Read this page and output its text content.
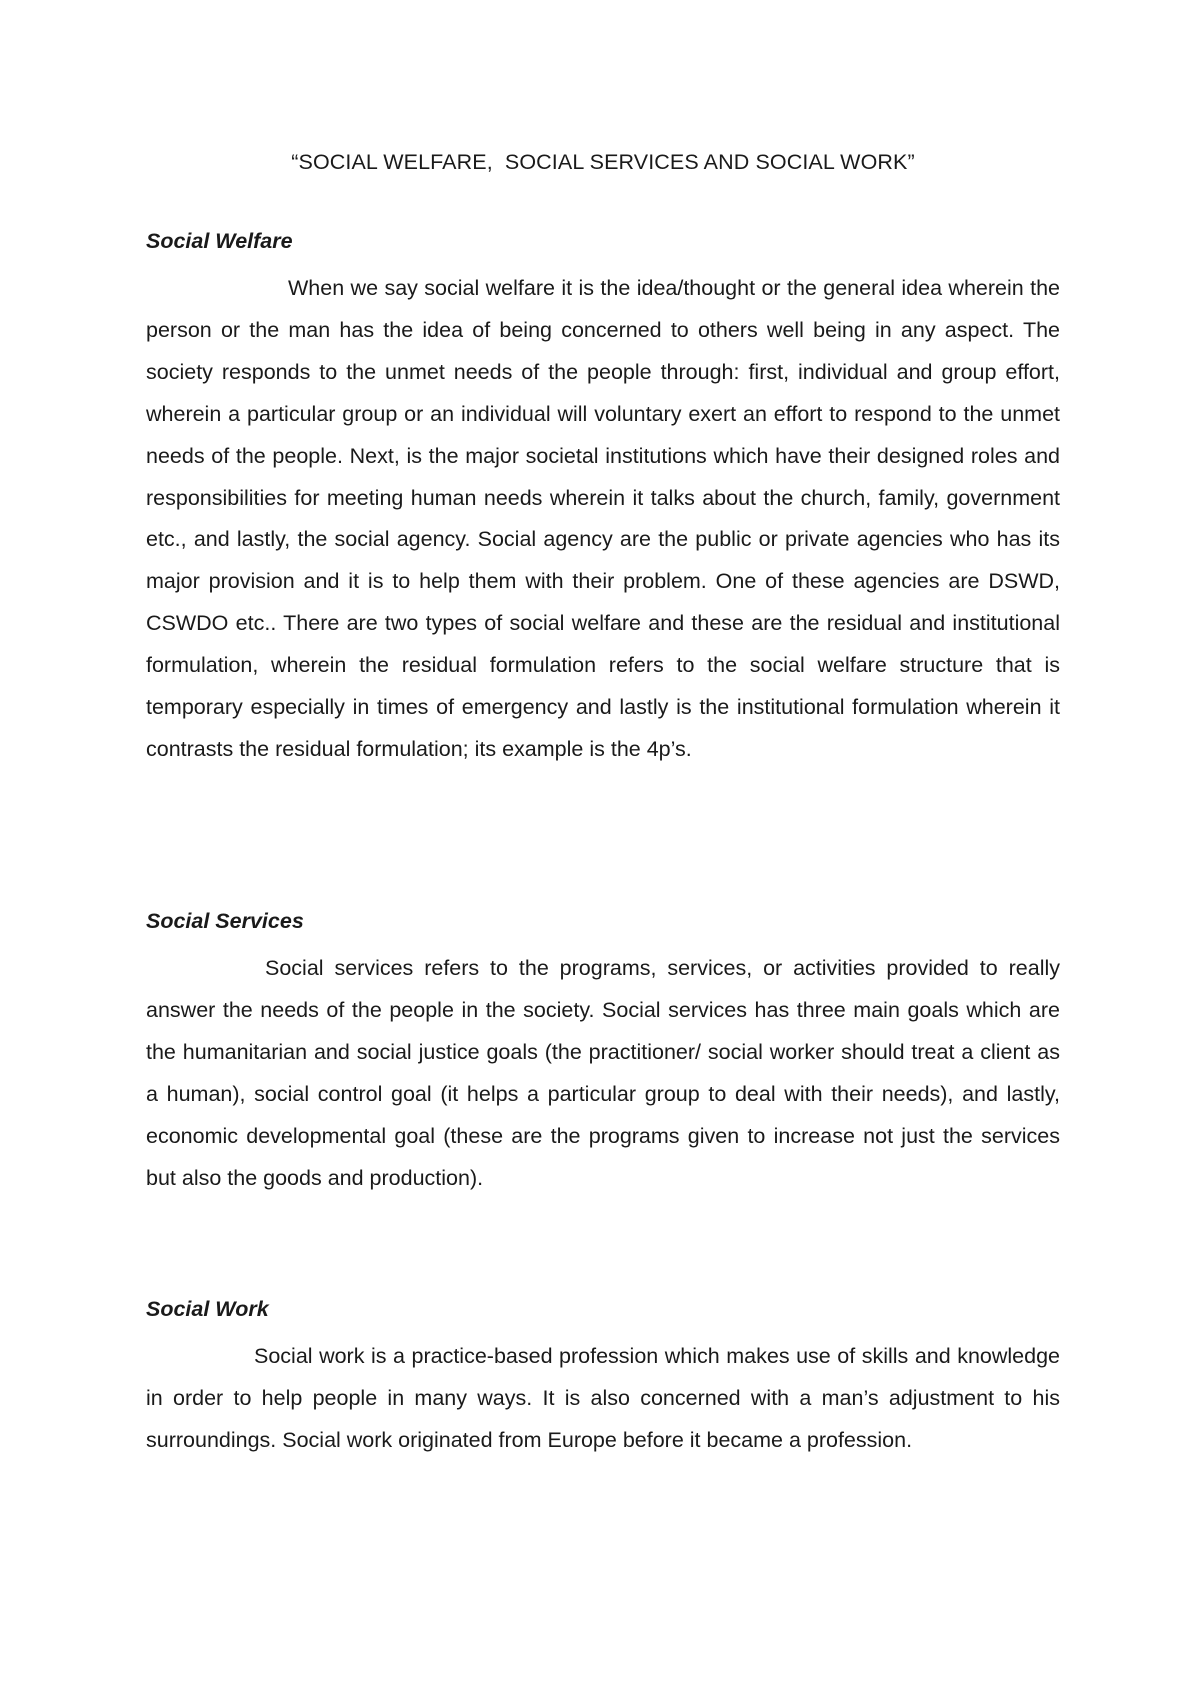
“SOCIAL WELFARE,  SOCIAL SERVICES AND SOCIAL WORK”
Social Welfare

When we say social welfare it is the idea/thought or the general idea wherein the person or the man has the idea of being concerned to others well being in any aspect. The society responds to the unmet needs of the people through: first, individual and group effort, wherein a particular group or an individual will voluntary exert an effort to respond to the unmet needs of the people. Next, is the major societal institutions which have their designed roles and responsibilities for meeting human needs wherein it talks about the church, family, government etc., and lastly, the social agency. Social agency are the public or private agencies who has its major provision and it is to help them with their problem. One of these agencies are DSWD, CSWDO etc.. There are two types of social welfare and these are the residual and institutional formulation, wherein the residual formulation refers to the social welfare structure that is temporary especially in times of emergency and lastly is the institutional formulation wherein it contrasts the residual formulation; its example is the 4p’s.

Social Services

Social services refers to the programs, services, or activities provided to really answer the needs of the people in the society. Social services has three main goals which are the humanitarian and social justice goals (the practitioner/ social worker should treat a client as a human), social control goal (it helps a particular group to deal with their needs), and lastly, economic developmental goal (these are the programs given to increase not just the services but also the goods and production).

Social Work

Social work is a practice-based profession which makes use of skills and knowledge in order to help people in many ways. It is also concerned with a man’s adjustment to his surroundings. Social work originated from Europe before it became a profession.
